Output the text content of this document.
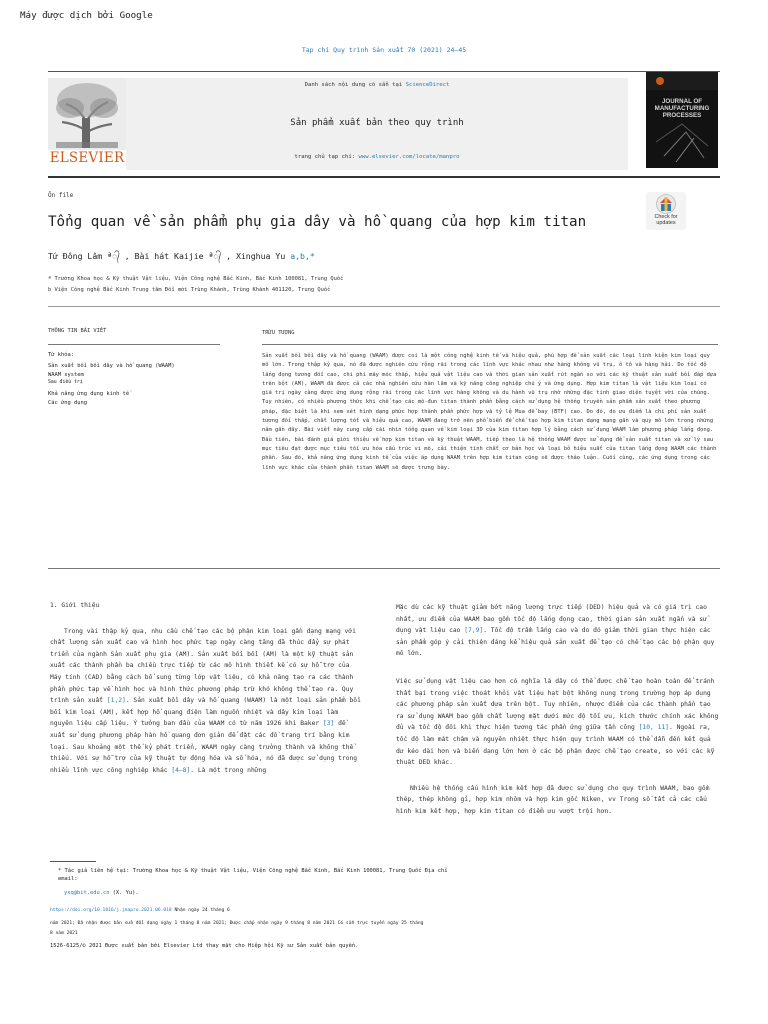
Máy được dịch bởi Google
Tạp chí Quy trình Sản xuất 70 (2021) 24–45
ELSEVIER
Danh sách nội dung có sẵn tại ScienceDirect
Sản phẩm xuất bản theo quy trình
trang chủ tạp chí: www.elsevier.com/locate/manpro
JOURNAL OF MANUFACTURING PROCESSES
Ôn file
Tổng quan về sản phẩm phụ gia dây và hồ quang của hợp kim titan	Check for updates
Tứ Đông Lâm ª᭄ , Bài hát Kaijie ª᭄ , Xinghua Yu a,b,*
ª Trường Khoa học & Kỹ thuật Vật liệu, Viện Công nghệ Bắc Kinh, Bắc Kinh 100081, Trung Quốc
b Viện Công nghệ Bắc Kinh Trung tâm Đổi mới Trùng Khánh, Trùng Khánh 401120, Trung Quốc
THÔNG TIN BÀI VIẾT	TRỪU TƯỢNG
Từ khóa:
Sản xuất bồi bồi dây và hồ quang (WAAM)
WAAM system
Sau điều trị
Khả năng ứng dụng kinh tế
Các ứng dụng
Sản xuất bồi bồi dây và hồ quang (WAAM) được coi là một công nghệ kinh tế và hiệu quả, phù hợp để sản xuất các loại linh kiện kim loại quy mô lớn. Trong thập kỷ qua, nó đã được nghiên cứu rộng rãi trong các lĩnh vực khác nhau như hàng không vũ trụ, ô tô và hàng hải. Do tốc độ lắng đọng tương đối cao, chi phí máy móc thấp, hiệu quả vật liệu cao và thời gian sản xuất rút ngắn so với các kỹ thuật sản xuất bồi đắp dựa trên bột (AM), WAAM đã được cả các nhà nghiên cứu hàn lâm và kỹ năng công nghiệp chú ý và ứng dụng. Hợp kim titan là vật liệu kim loại có giá trị ngày càng được ứng dụng rộng rãi trong các lĩnh vực hàng không và du hành vũ trụ nhờ những đặc tính giao diện tuyệt vời của chúng. Tuy nhiên, có nhiều phương thức khi chế tạo các mô-đun titan thành phần bằng cách sử dụng hệ thống truyền sản phẩm sản xuất theo phương pháp, đặc biệt là khi xem xét hình dạng phức hợp thành phần phức hợp và tỷ lệ Mua để bay (BTF) cao. Do đó, do ưu điểm là chi phí sản xuất tương đối thấp, chất lượng tốt và hiệu quả cao, WAAM đang trở nên phổ biến để chế tạo hợp kim titan dạng mạng gần và quy mô lớn trong những năm gần đây. Bài viết này cung cấp cái nhìn tổng quan về kim loại 3D của kim titan hợp lý bằng cách sử dụng WAAM làm phương pháp lắng đọng. Đầu tiên, bài đánh giá giới thiệu về hợp kim titan và kỹ thuật WAAM, tiếp theo là hệ thống WAAM được sử dụng để sản xuất titan và xử lý sau mục tiêu đạt được mục tiêu tối ưu hóa cấu trúc vi mô, cải thiện tính chất cơ bản học và loại bỏ hiệu suất của titan lắng đọng WAAM các thành phần. Sau đó, khả năng ứng dụng kinh tế của việc áp dụng WAAM trên hợp kim titan cũng sẽ được thảo luận. Cuối cùng, các ứng dụng trong các lĩnh vực khác của thành phần titan WAAM sẽ được trưng bày.
1. Giới thiệu

Trong vài thập kỷ qua, nhu cầu chế tạo các bộ phận kim loại gần dạng mạng với chất lượng sản xuất cao và hình học phức tạp ngày càng tăng đã thúc đẩy sự phát triển của ngành Sản xuất phụ gia (AM). Sản xuất bồi bồi (AM) là một kỹ thuật sản xuất các thành phần ba chiều trực tiếp từ các mô hình thiết kế có sự hỗ trợ của Máy tính (CAD) bằng cách bổ sung từng lớp vật liệu, có khả năng tạo ra các thành phần phức tạp về hình học và hình thức phương pháp trừ khó không thể tạo ra. Quy trình sản xuất [1,2]. Sản xuất bồi dây và hồ quang (WAAM) là một loại sản phẩm bồi bồi kim loại (AM), kết hợp hồ quang điện làm nguồn nhiệt và dây kim loại làm nguyên liệu cấp liệu. Ý tưởng ban đầu của WAAM có từ năm 1926 khi Baker [3] đề xuất sử dụng phương pháp hàn hồ quang đơn giản để đặt các đồ trang trí bằng kim loại. Sau khoảng một thế kỷ phát triển, WAAM ngày càng trưởng thành và không thể thiếu. Với sự hỗ trợ của kỹ thuật tự động hóa và số hóa, nó đã được sử dụng trong nhiều lĩnh vực công nghiệp khác [4–8]. Là một trong những

Mặc dù các kỹ thuật giảm bớt năng lượng trực tiếp (DED) hiệu quả và có giá trị cao nhất, ưu điểm của WAAM bao gồm tốc độ lắng đọng cao, thời gian sản xuất ngắn và sử dụng vật liệu cao [7,9]. Tốc độ trầm lắng cao và do đó giảm thời gian thực hiện các sản phẩm góp ý cải thiện đáng kể hiệu quả sản xuất để tạo có chế tạo các bộ phận quy mô lớn.

Việc sử dụng vật liệu cao hơn có nghĩa là dây có thể được chế tạo hoàn toàn để tránh thất bại trong việc thoát khỏi vật liệu hạt bột không nung trong trường hợp áp dụng các phương pháp sản xuất dựa trên bột. Tuy nhiên, nhược điểm của các thành phần tạo ra sử dụng WAAM bao gồm chất lượng mặt dưới mức độ tối ưu, kích thước chính xác không đủ và tốc độ đôi khi thực hiện tương tác phần ứng giữa tần công [10, 11]. Ngoài ra, tốc độ làm mát chậm và nguyên nhiệt thực hiện quy trình WAAM có thể dẫn đến kết quả dư kéo dài hơn và biến dạng lớn hơn ở các bộ phận được chế tạo create, so với các kỹ thuật DED khác.

Nhiều hệ thống cấu hình kim kết hợp đã được sử dụng cho quy trình WAAM, bao gồm thép, thép không gỉ, hợp kim nhôm và hợp kim gốc Niken, vv Trong số tất cả các cấu hình kim kết hợp, hợp kim titan có điểm ưu vượt trội hơn.

* Tác giả liên hệ tại: Trường Khoa học & Kỹ thuật Vật liệu, Viện Công nghệ Bắc Kinh, Bắc Kinh 100081, Trung Quốc Địa chỉ email:
yxq@bit.edu.cn (X. Yu).
https://doi.org/10.1016/j.jmapro.2021.06.018 Nhận ngày 24 tháng 6
năm 2021; Đã nhận được bản sửa đổi dạng ngày 1 tháng 8 năm 2021; Được chấp nhận ngày 9 tháng 8 năm 2021 Có sẵn trực tuyến ngày 25 tháng
8 năm 2021
1526-6125/© 2021 Được xuất bản bởi Elsevier Ltd thay mặt cho Hiệp hội Kỹ sư Sản xuất bản quyền.
